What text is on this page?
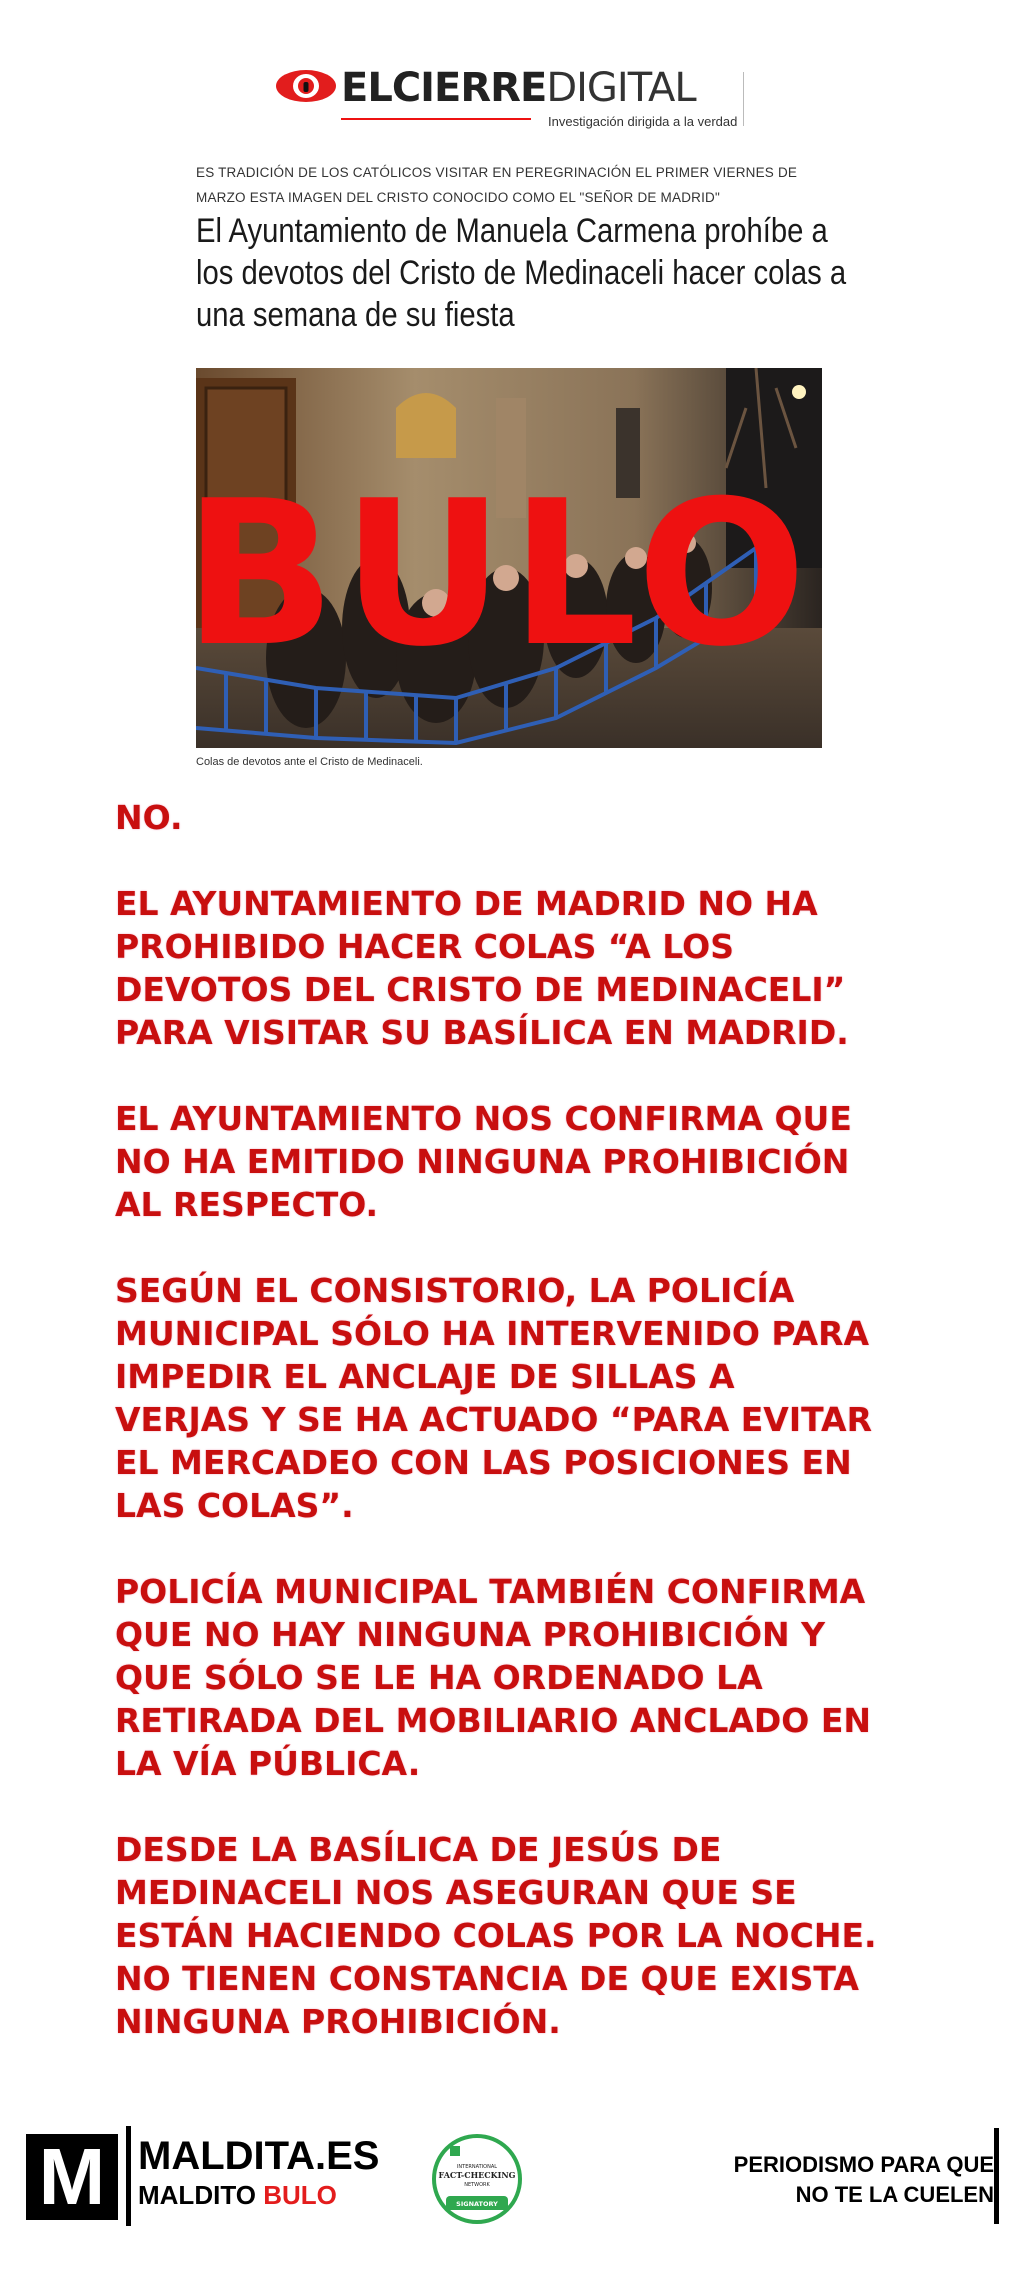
ELCIERREDIGITAL
Investigación dirigida a la verdad
ES TRADICIÓN DE LOS CATÓLICOS VISITAR EN PEREGRINACIÓN EL PRIMER VIERNES DE MARZO ESTA IMAGEN DEL CRISTO CONOCIDO COMO EL "SEÑOR DE MADRID"
El Ayuntamiento de Manuela Carmena prohíbe a los devotos del Cristo de Medinaceli hacer colas a una semana de su fiesta
Colas de devotos ante el Cristo de Medinaceli.
BULO

NO.

EL AYUNTAMIENTO DE MADRID NO HA
PROHIBIDO HACER COLAS “A LOS
DEVOTOS DEL CRISTO DE MEDINACELI”
PARA VISITAR SU BASÍLICA EN MADRID.

EL AYUNTAMIENTO NOS CONFIRMA QUE
NO HA EMITIDO NINGUNA PROHIBICIÓN
AL RESPECTO.

SEGÚN EL CONSISTORIO, LA POLICÍA
MUNICIPAL SÓLO HA INTERVENIDO PARA
IMPEDIR EL ANCLAJE DE SILLAS A
VERJAS Y SE HA ACTUADO “PARA EVITAR
EL MERCADEO CON LAS POSICIONES EN
LAS COLAS”.

POLICÍA MUNICIPAL TAMBIÉN CONFIRMA
QUE NO HAY NINGUNA PROHIBICIÓN Y
QUE SÓLO SE LE HA ORDENADO LA
RETIRADA DEL MOBILIARIO ANCLADO EN
LA VÍA PÚBLICA.

DESDE LA BASÍLICA DE JESÚS DE
MEDINACELI NOS ASEGURAN QUE SE
ESTÁN HACIENDO COLAS POR LA NOCHE.
NO TIENEN CONSTANCIA DE QUE EXISTA
NINGUNA PROHIBICIÓN.

M MALDITA.ES
MALDITO BULO
INTERNATIONAL
FACT-CHECKING
NETWORK
SIGNATORY
PERIODISMO PARA QUE
NO TE LA CUELEN
